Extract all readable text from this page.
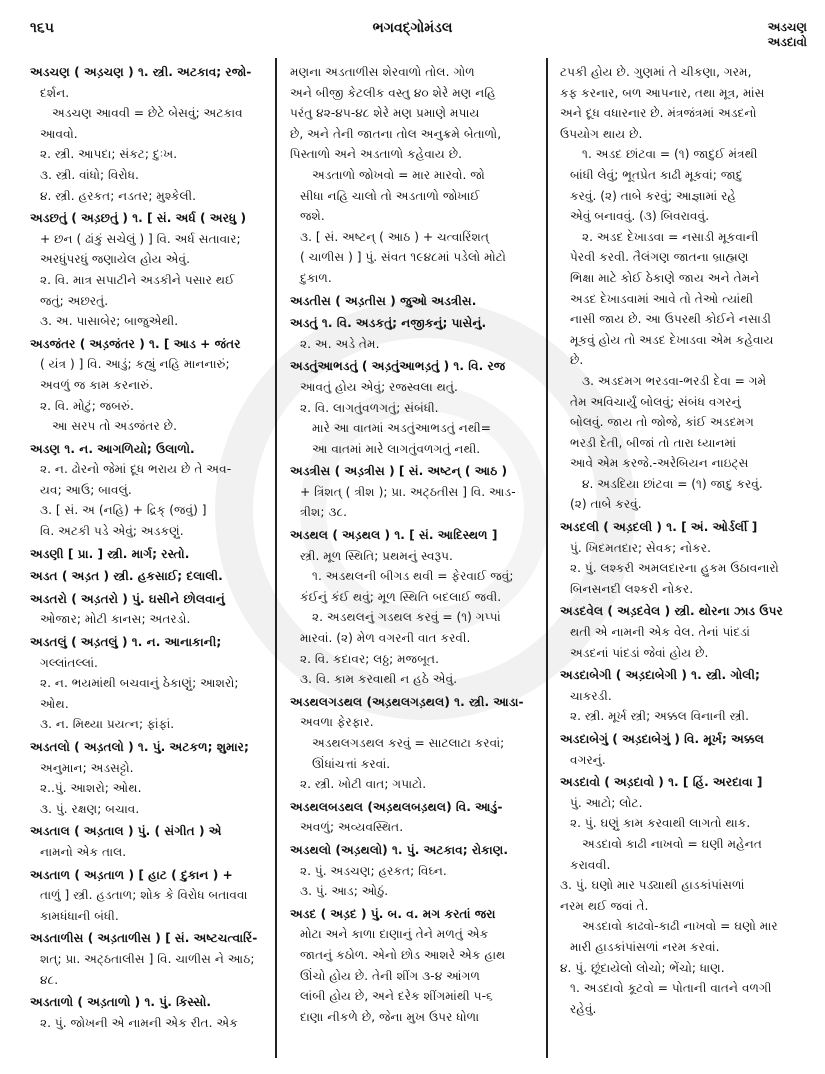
૧૬૫	ભગવદ્ગોમંડલ	અડચણ
અડદાવો
અડચણ ( અડ઼ચણ ) ૧. સ્ત્રી. અટકાવ; રજો-
દર્શન.
અડચણ આવવી = છેટે બેસવું; અટકાવ
આવવો.
૨. સ્ત્રી. આપદા; સંકટ; દુઃખ.
૩. સ્ત્રી. વાંધો; વિરોધ.
૪. સ્ત્રી. હરકત; નડતર; મુશ્કેલી.
અડછતું ( અડ઼છતું ) ૧. [ સં. અર્ધ ( અરધુ )
+ છન ( ઢાંકું સચેલું ) ] વિ. અર્ધ સતાવાર;
અરધુંપરધું જણાયેલ હોય એવું.
૨. વિ. માત્ર સપાટીને અડકીને પસાર થઈ
જતું; અછરતું.
૩. અ. પાસાબેર; બાજુએથી.
અડજંતર ( અડ઼જંતર ) ૧. [ આડ + જંતર
( યંત્ર ) ] વિ. આડું; કહ્યું નહિ માનનારું;
અવળું જ કામ કરનારું.
૨. વિ. મોટું; જબરું.
આ સરપ તો અડજંતર છે.
અડણ ૧. ન. આગળિયો; ઉલાળો.
૨. ન. ઢોરનો જેમાં દૂધ ભરાય છે તે અવ-
યવ; આઉ; બાવલું.
૩. [ સં. અ (નહિ) + દ્રિક્ (જવું) ]
વિ. અટકી પડે એવું; અડકણું.
અડણી [ પ્રા. ] સ્ત્રી. માર્ગ; રસ્તો.
અડત ( અડ઼ત ) સ્ત્રી. હકસાઈ; દલાલી.
અડતરો ( અડ઼તરો ) પું. ઘસીને છોલવાનું
ઓજાર; મોટી કાનસ; અતરડો.
અડતલું ( અડ઼તલું ) ૧. ન. આનાકાની;
ગલ્લાંતલ્લાં.
૨. ન. ભયમાંથી બચવાનું ઠેકાણું; આશરો;
ઓથ.
૩. ન. મિથ્યા પ્રયત્ન; ફાંફાં.
અડતલો ( અડ઼તલો ) ૧. પું. અટકળ; શુમાર;
અનુમાન; અડસટ્ટો.
૨..પું. આશરો; ઓથ.
૩. પું. રક્ષણ; બચાવ.
અડતાલ ( અડ઼તાલ ) પું. ( સંગીત ) એ
નામનો એક તાલ.
અડતાળ ( અડ઼તાળ ) [ હાટ ( દુકાન ) +
તાળું ] સ્ત્રી. હડતાળ; શોક કે વિરોધ બતાવવા
કામધંધાની બંધી.
અડતાળીસ ( અડ઼તાળીસ ) [ સં. અષ્ટચત્વારિં-
શત્; પ્રા. અટ્ઠતાલીસ ] વિ. ચાળીસ ને આઠ;
૪૮.
અડતાળો ( અડ઼તાળો ) ૧. પું. કિસ્સો.
૨. પું. જોખની એ નામની એક રીત. એક
મણના અડતાળીસ શેરવાળો તોલ. ગોળ
અને બીજી કેટલીક વસ્તુ ૪૦ શેરે મણ નહિ
પરંતુ ૪૨-૪૫-૪૮ શેરે મણ પ્રમાણે મપાય
છે, અને તેની જાતના તોલ અનુક્રમે બેતાળો,
પિસ્તાળો અને અડતાળો કહેવાય છે.
અડતાળો જોખવો = માર મારવો. જો
સીધા નહિ ચાલો તો અડતાળો જોખાઈ
જશે.
૩. [ સં. અષ્ટન્ ( આઠ ) + ચત્વારિંશત્
( ચાળીસ ) ] પું. સંવત ૧૯૪૮માં પડેલો મોટો
દુકાળ.
અડતીસ ( અડ઼તીસ ) જુઓ અડત્રીસ.
અડતું ૧. વિ. અડકતું; નજીકનું; પાસેનું.
૨. અ. અડે તેમ.
અડતુંઆભડતું ( અડ઼તુંઆભડ઼તું ) ૧. વિ. રજ
આવતું હોય એવું; રજસ્વલા થતું.
૨. વિ. લાગતુંવળગતું; સંબંધી.
મારે આ વાતમાં અડતુંઆભડતું નથી=
આ વાતમાં મારે લાગતુંવળગતું નથી.
અડત્રીસ ( અડ઼ત્રીસ ) [ સં. અષ્ટન્ ( આઠ )
+ ત્રિંશત્ ( ત્રીશ ); પ્રા. અટ્ઠતીસ ] વિ. આડ-
ત્રીશ; ૩૮.
અડથલ ( અડ઼થલ ) ૧. [ સં. આદિસ્થળ ]
સ્ત્રી. મૂળ સ્થિતિ; પ્રથમનું સ્વરૂપ.
૧. અડથલની બીગડ થવી = ફેરવાઈ જવું;
કંઈનું કંઈ થવું; મૂળ સ્થિતિ બદલાઈ જવી.
૨. અડથલનું ગડથલ કરવું = (૧) ગપ્પાં
મારવાં. (૨) મેળ વગરની વાત કરવી.
૨. વિ. કદાવર; લઠ્ઠ; મજબૂત.
૩. વિ. કામ કરવાથી ન હઠે એવું.
અડથલગડથલ (અડ઼થલગડ઼થલ) ૧. સ્ત્રી. આડા-
અવળા ફેરફાર.
અડથલગડથલ કરવું = સાટલાટા કરવાં;
ઊંધાંચત્તાં કરવાં.
૨. સ્ત્રી. ખોટી વાત; ગપાટો.
અડથલબડથલ (અડ઼થલબડ઼થલ) વિ. આડું-
અવળું; અવ્યવસ્થિત.
અડથલો (અડ઼થલો) ૧. પું. અટકાવ; રોકાણ.
૨. પું. અડચણ; હરકત; વિઘ્ન.
૩. પું. આડ; ઓઠું.
અડદ ( અડ઼દ ) પું. બ. વ. મગ કરતાં જરા
મોટા અને કાળા દાણાનું તેને મળતું એક
જાતનું કઠોળ. એનો છોડ આશરે એક હાથ
ઊંચો હોય છે. તેની શીંગ ૩-૪ આંગળ
લાંબી હોય છે, અને દરેક શીંગમાંથી ૫-૬
દાણા નીકળે છે, જેના મુખ ઉપર ધોળા
ટપકી હોય છે. ગુણમાં તે ચીકણા, ગરમ,
કફ કરનાર, બળ આપનાર, તથા મૂત્ર, માંસ
અને દૂધ વધારનાર છે. મંત્રજંત્રમાં અડદનો
ઉપયોગ થાય છે.
૧. અડદ છાંટવા = (૧) જાદુઈ મંત્રથી
બાંધી લેવું; ભૂતપ્રેત કાઢી મૂકવાં; જાદુ
કરવું. (૨) તાબે કરવું; આજ્ઞામાં રહે
એવું બનાવવું. (૩) બિવરાવવું.
૨. અડદ દેખાડવા = નસાડી મૂકવાની
પેરવી કરવી. તૈલંગણ જાતના બ્રાહ્મણ
ભિક્ષા માટે કોઈ ઠેકાણે જાય અને તેમને
અડદ દેખાડવામાં આવે તો તેઓ ત્યાંથી
નાસી જાય છે. આ ઉપરથી કોઈને નસાડી
મૂકવું હોય તો અડદ દેખાડવા એમ કહેવાય
છે.
૩. અડદમગ ભરડવા-ભરડી દેવા = ગમે
તેમ અવિચાર્યું બોલવું; સંબંધ વગરનું
બોલવું. જાય તો જોજે, કાંઈ અડદમગ
ભરડી દેતી, બીજાં તો તારા ધ્યાનમાં
આવે એમ કરજે.-અરેબિયન નાઇટ્સ
૪. અડદિયા છાંટવા = (૧) જાદુ કરવું.
(૨) તાબે કરવું.
અડદલી ( અડ઼દલી ) ૧. [ અં. ઓર્ડર્લી ]
પું. ખિદમતદાર; સેવક; નોકર.
૨. પું. લશ્કરી અમલદારના હુકમ ઉઠાવનારો
બિનસનદી લશ્કરી નોકર.
અડદવેલ ( અડ઼દવેલ ) સ્ત્રી. થોરના ઝાડ ઉપર
થતી એ નામની એક વેલ. તેનાં પાંદડાં
અડદનાં પાંદડાં જેવાં હોય છે.
અડદાબેગી ( અડ઼દાબેગી ) ૧. સ્ત્રી. ગોલી;
ચાકરડી.
૨. સ્ત્રી. મૂર્ખ સ્ત્રી; અક્કલ વિનાની સ્ત્રી.
અડદાબેગું ( અડ઼દાબેગું ) વિ. મૂર્ખ; અક્કલ
વગરનું.
અડદાવો ( અડ઼દાવો ) ૧. [ હિં. અરદાવા ]
પું. આટો; લોટ.
૨. પું. ઘણું કામ કરવાથી લાગતો થાક.
અડદાવો કાઢી નાખવો = ઘણી મહેનત
કરાવવી.
૩. પું. ઘણો માર પડ્યાથી હાડકાંપાંસળાં
નરમ થઈ જવાં તે.
અડદાવો કાઢવો-કાઢી નાખવો = ઘણો માર
મારી હાડકાંપાંસળાં નરમ કરવાં.
૪. પું. છૂંદાયેલો લોચો; ભેંચો; ધાણ.
૧. અડદાવો કૂટવો = પોતાની વાતને વળગી
રહેવું.
